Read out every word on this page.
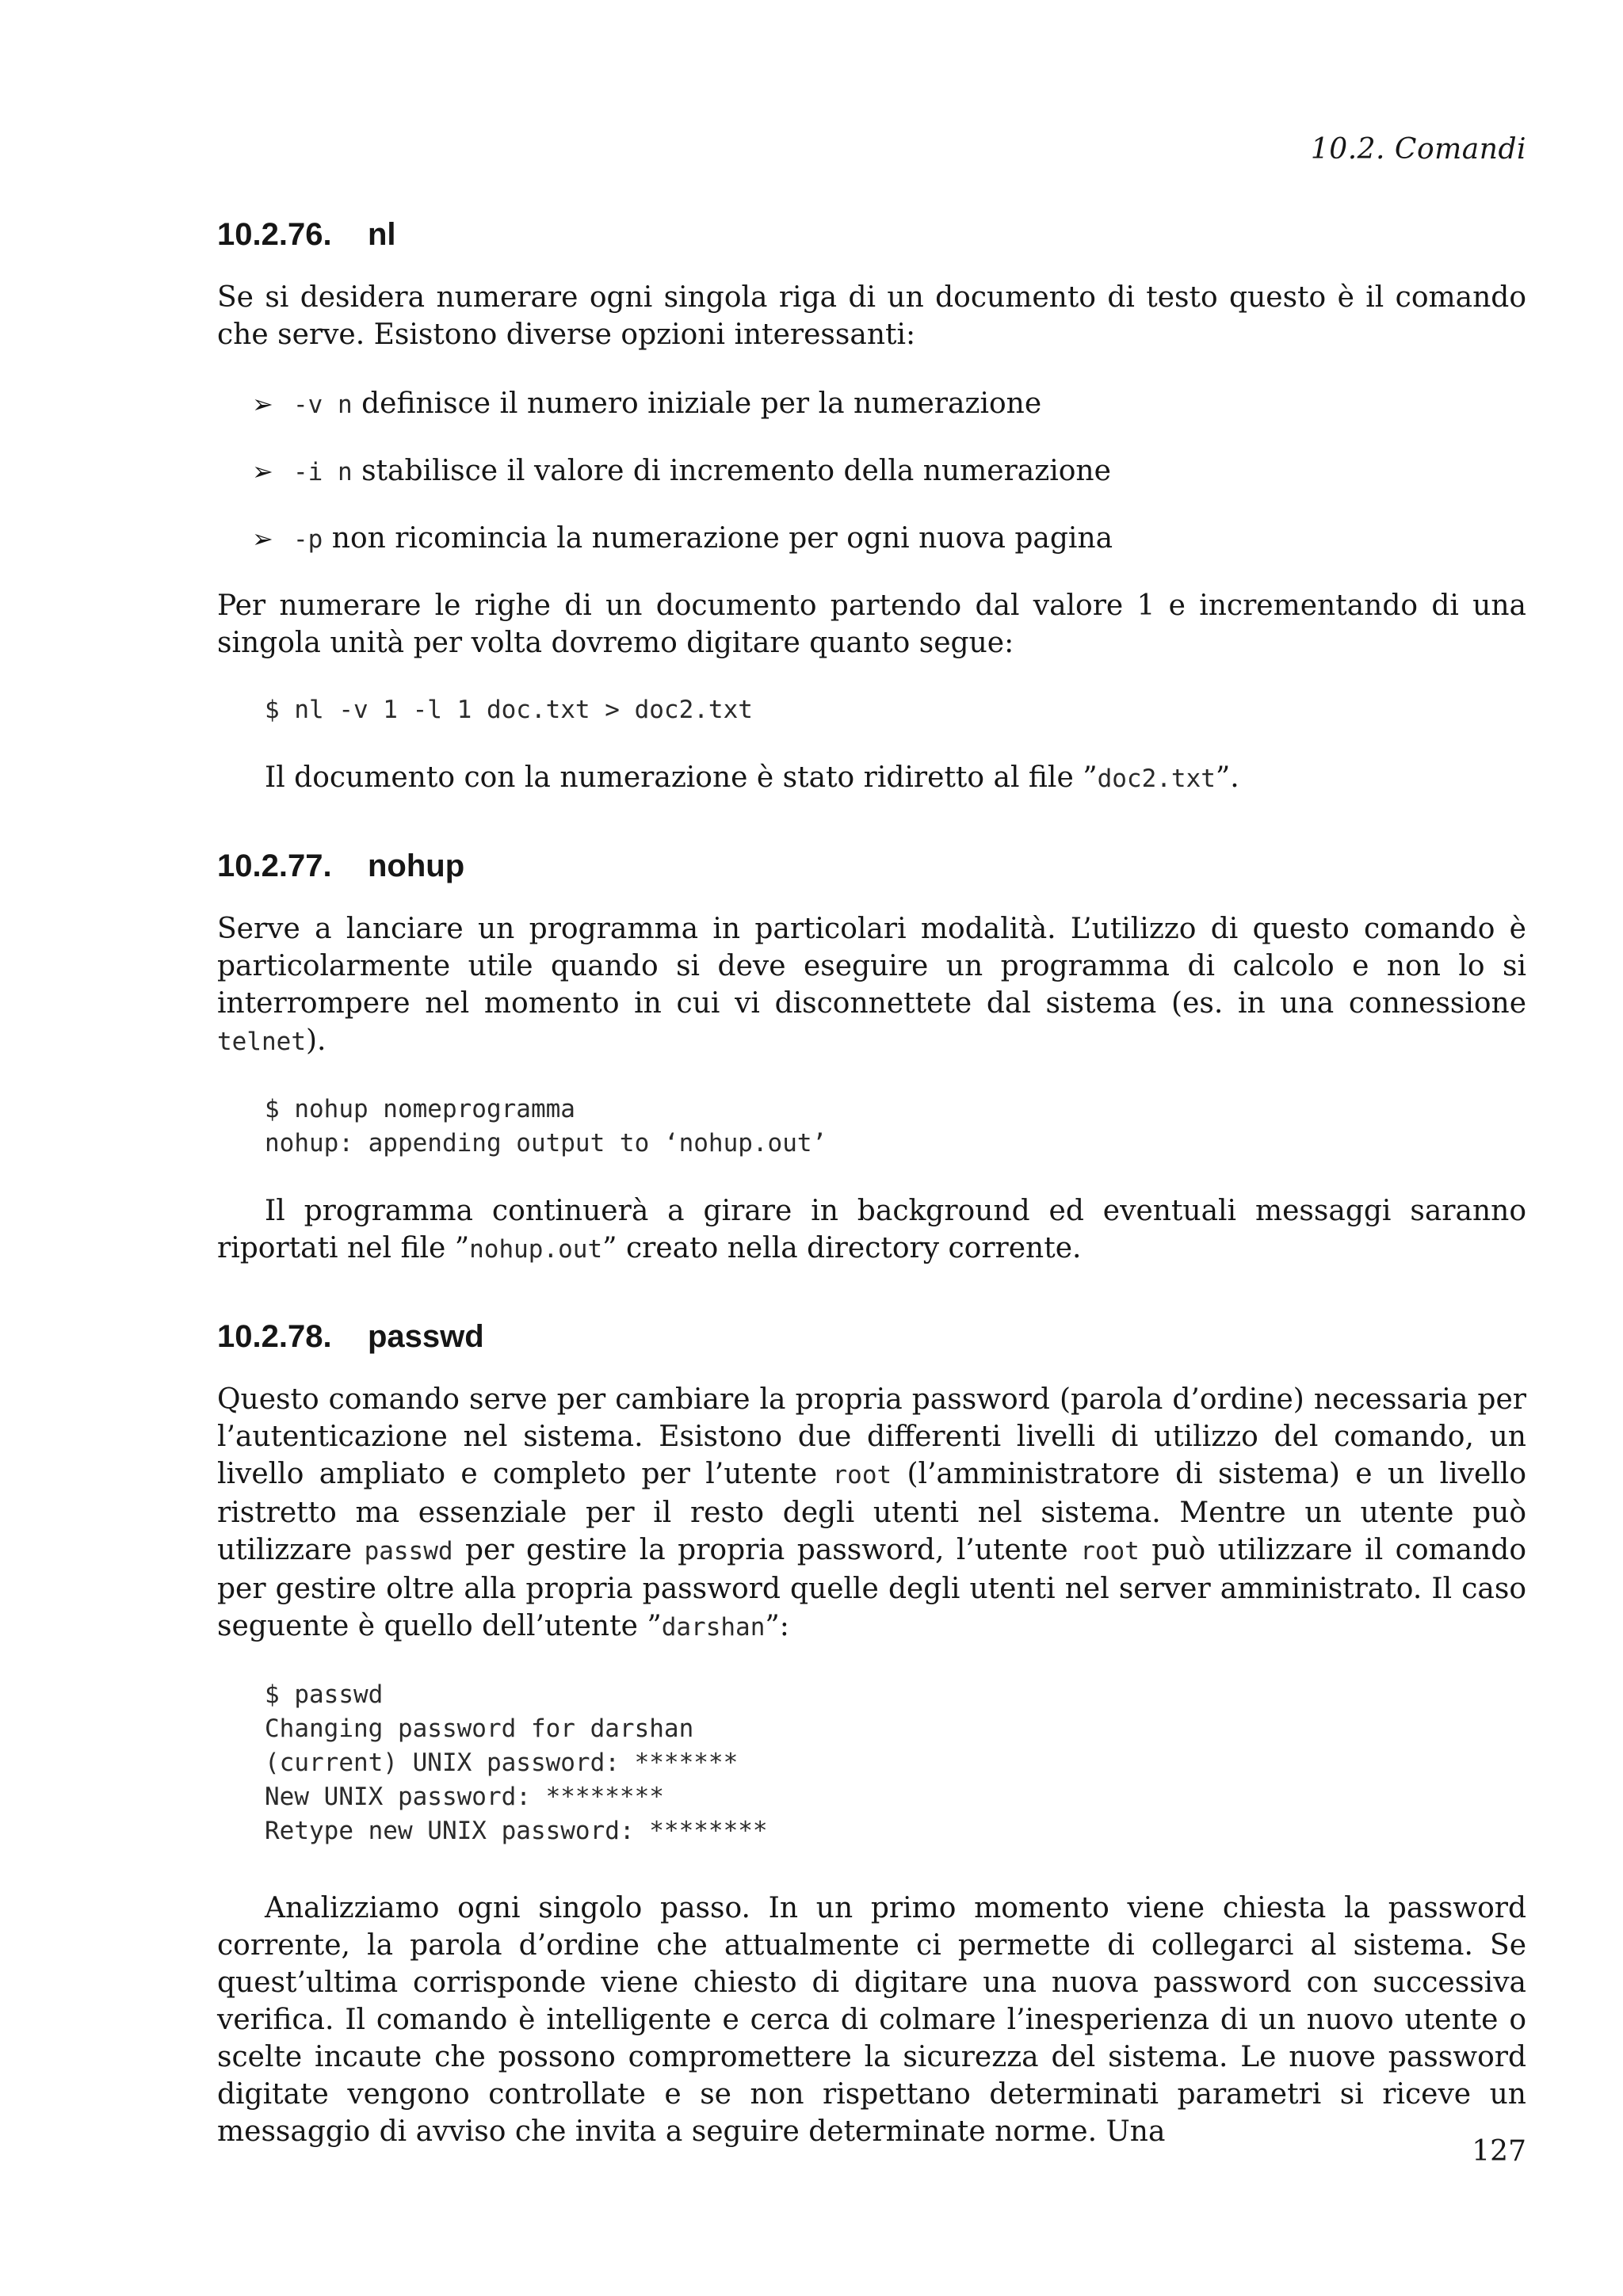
10.2. Comandi
10.2.76. nl

Se si desidera numerare ogni singola riga di un documento di testo questo è il comando che serve. Esistono diverse opzioni interessanti:

➢ -v n definisce il numero iniziale per la numerazione
➢ -i n stabilisce il valore di incremento della numerazione
➢ -p non ricomincia la numerazione per ogni nuova pagina

Per numerare le righe di un documento partendo dal valore 1 e incrementando di una singola unità per volta dovremo digitare quanto segue:

$ nl -v 1 -l 1 doc.txt > doc2.txt

Il documento con la numerazione è stato ridiretto al file ”doc2.txt”.

10.2.77. nohup

Serve a lanciare un programma in particolari modalità. L’utilizzo di questo comando è particolarmente utile quando si deve eseguire un programma di calcolo e non lo si interrompere nel momento in cui vi disconnettete dal sistema (es. in una connessione telnet).

$ nohup nomeprogramma
nohup: appending output to ‘nohup.out’

Il programma continuerà a girare in background ed eventuali messaggi saranno riportati nel file ”nohup.out” creato nella directory corrente.

10.2.78. passwd

Questo comando serve per cambiare la propria password (parola d’ordine) necessaria per l’autenticazione nel sistema. Esistono due differenti livelli di utilizzo del comando, un livello ampliato e completo per l’utente root (l’amministratore di sistema) e un livello ristretto ma essenziale per il resto degli utenti nel sistema. Mentre un utente può utilizzare passwd per gestire la propria password, l’utente root può utilizzare il comando per gestire oltre alla propria password quelle degli utenti nel server amministrato. Il caso seguente è quello dell’utente ”darshan”:

$ passwd
Changing password for darshan
(current) UNIX password: *******
New UNIX password: ********
Retype new UNIX password: ********

Analizziamo ogni singolo passo. In un primo momento viene chiesta la password corrente, la parola d’ordine che attualmente ci permette di collegarci al sistema. Se quest’ultima corrisponde viene chiesto di digitare una nuova password con successiva verifica. Il comando è intelligente e cerca di colmare l’inesperienza di un nuovo utente o scelte incaute che possono compromettere la sicurezza del sistema. Le nuove password digitate vengono controllate e se non rispettano determinati parametri si riceve un messaggio di avviso che invita a seguire determinate norme. Una

127
